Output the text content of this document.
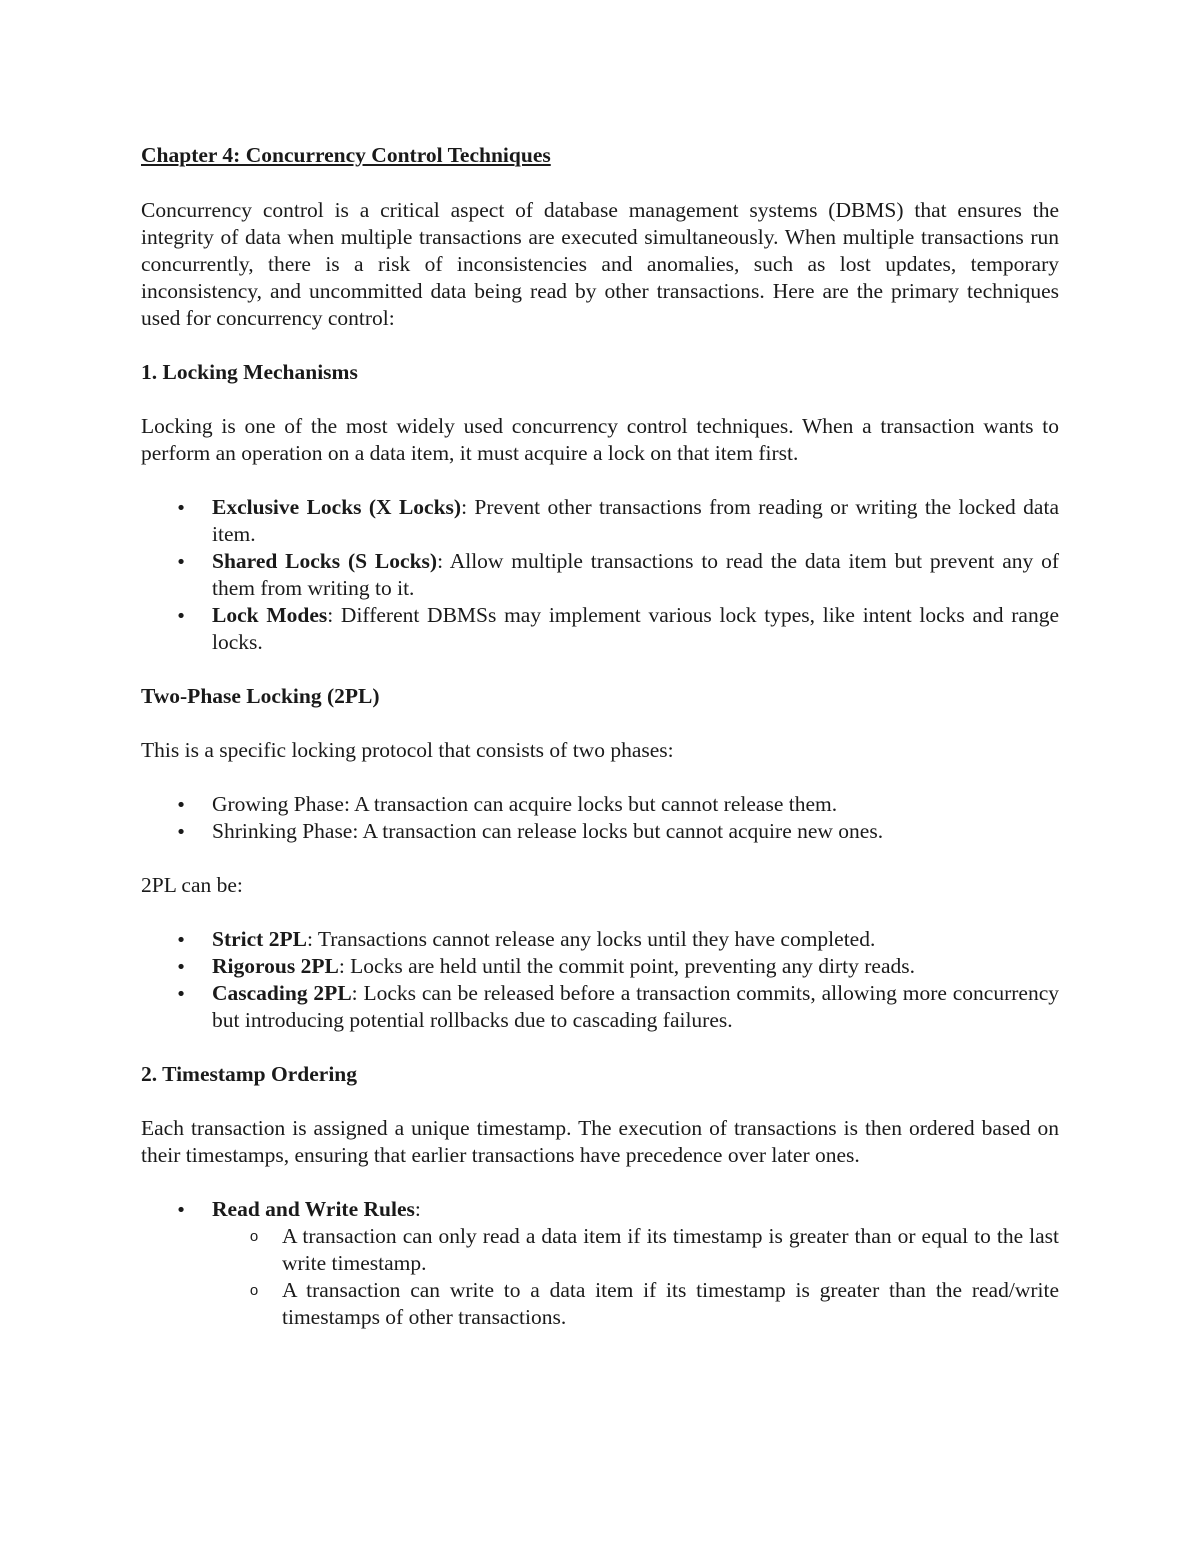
Chapter 4: Concurrency Control Techniques

Concurrency control is a critical aspect of database management systems (DBMS) that ensures the integrity of data when multiple transactions are executed simultaneously. When multiple transactions run concurrently, there is a risk of inconsistencies and anomalies, such as lost updates, temporary inconsistency, and uncommitted data being read by other transactions. Here are the primary techniques used for concurrency control:

1. Locking Mechanisms

Locking is one of the most widely used concurrency control techniques. When a transaction wants to perform an operation on a data item, it must acquire a lock on that item first.

•
Exclusive Locks (X Locks): Prevent other transactions from reading or writing the locked data item.
•
Shared Locks (S Locks): Allow multiple transactions to read the data item but prevent any of them from writing to it.
•
Lock Modes: Different DBMSs may implement various lock types, like intent locks and range locks.

Two-Phase Locking (2PL)

This is a specific locking protocol that consists of two phases:

•
Growing Phase: A transaction can acquire locks but cannot release them.
•
Shrinking Phase: A transaction can release locks but cannot acquire new ones.

2PL can be:

•
Strict 2PL: Transactions cannot release any locks until they have completed.
•
Rigorous 2PL: Locks are held until the commit point, preventing any dirty reads.
•
Cascading 2PL: Locks can be released before a transaction commits, allowing more concurrency but introducing potential rollbacks due to cascading failures.

2. Timestamp Ordering

Each transaction is assigned a unique timestamp. The execution of transactions is then ordered based on their timestamps, ensuring that earlier transactions have precedence over later ones.

•
Read and Write Rules:
o A transaction can only read a data item if its timestamp is greater than or equal to the last write timestamp.
o A transaction can write to a data item if its timestamp is greater than the read/write timestamps of other transactions.
